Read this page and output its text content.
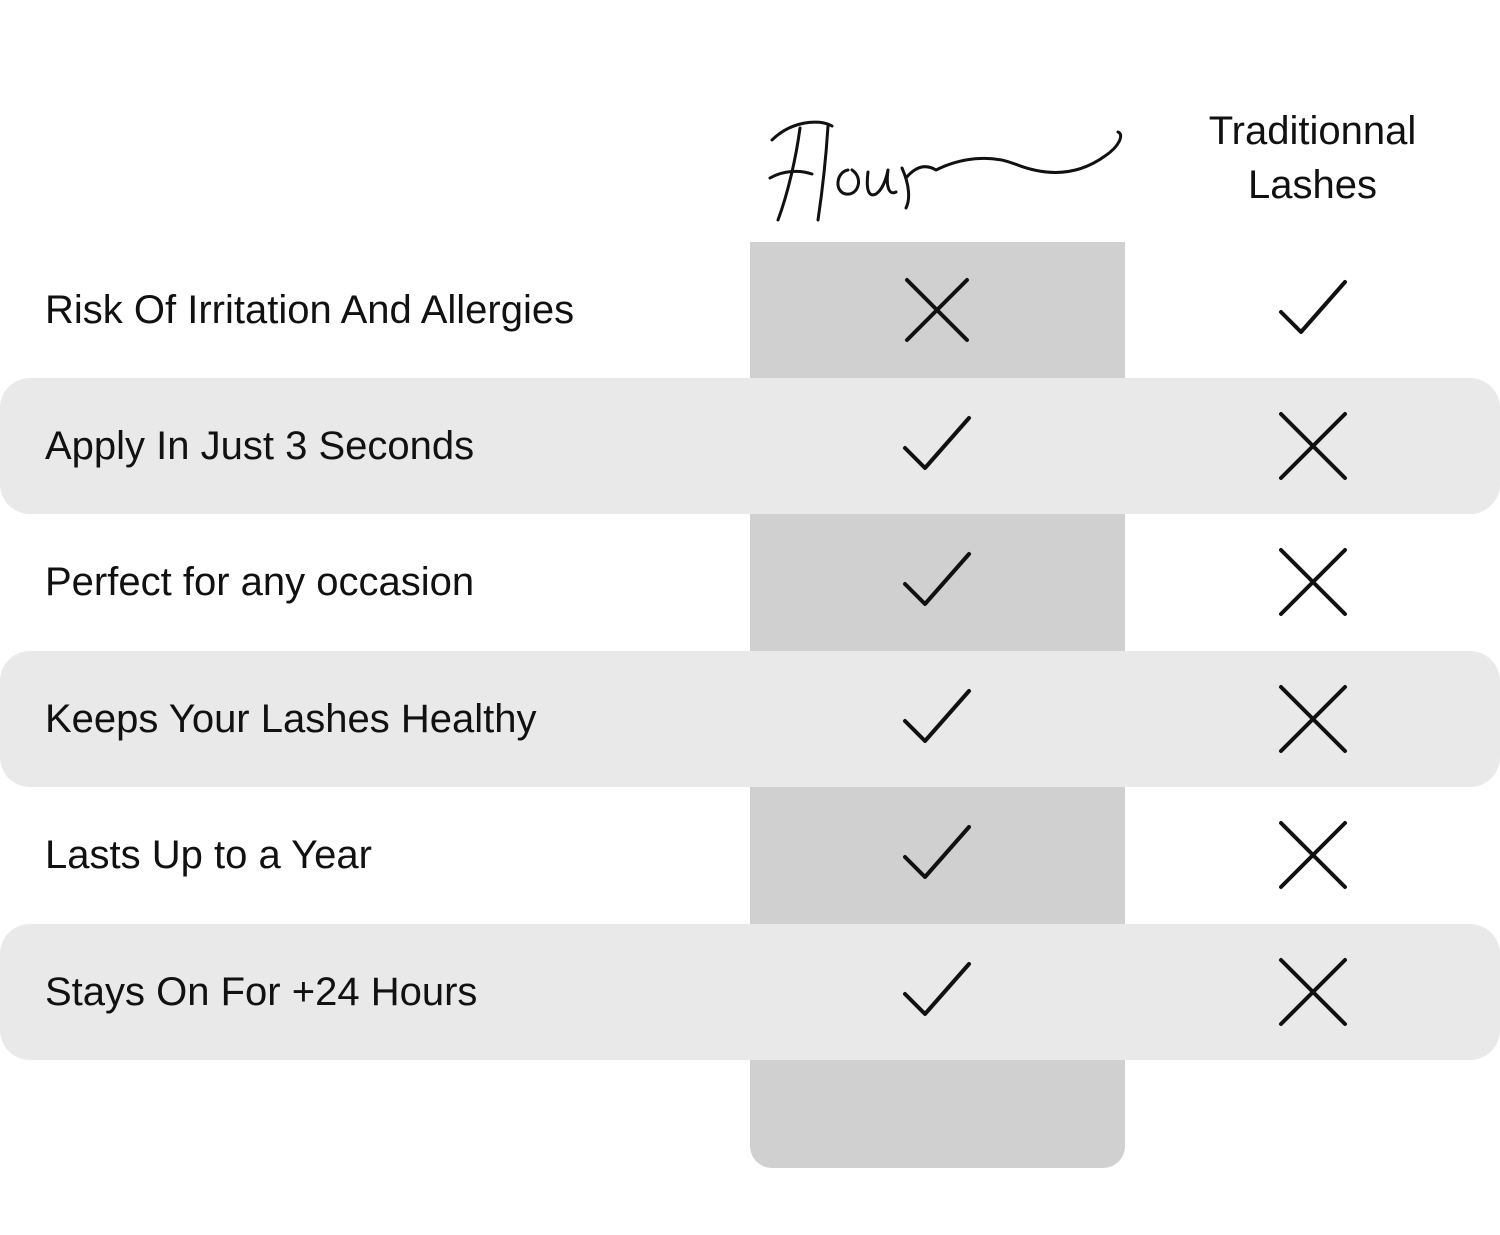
Traditionnal
Lashes
Risk Of Irritation And Allergies
Apply In Just 3 Seconds
Perfect for any occasion
Keeps Your Lashes Healthy
Lasts Up to a Year
Stays On For +24 Hours
